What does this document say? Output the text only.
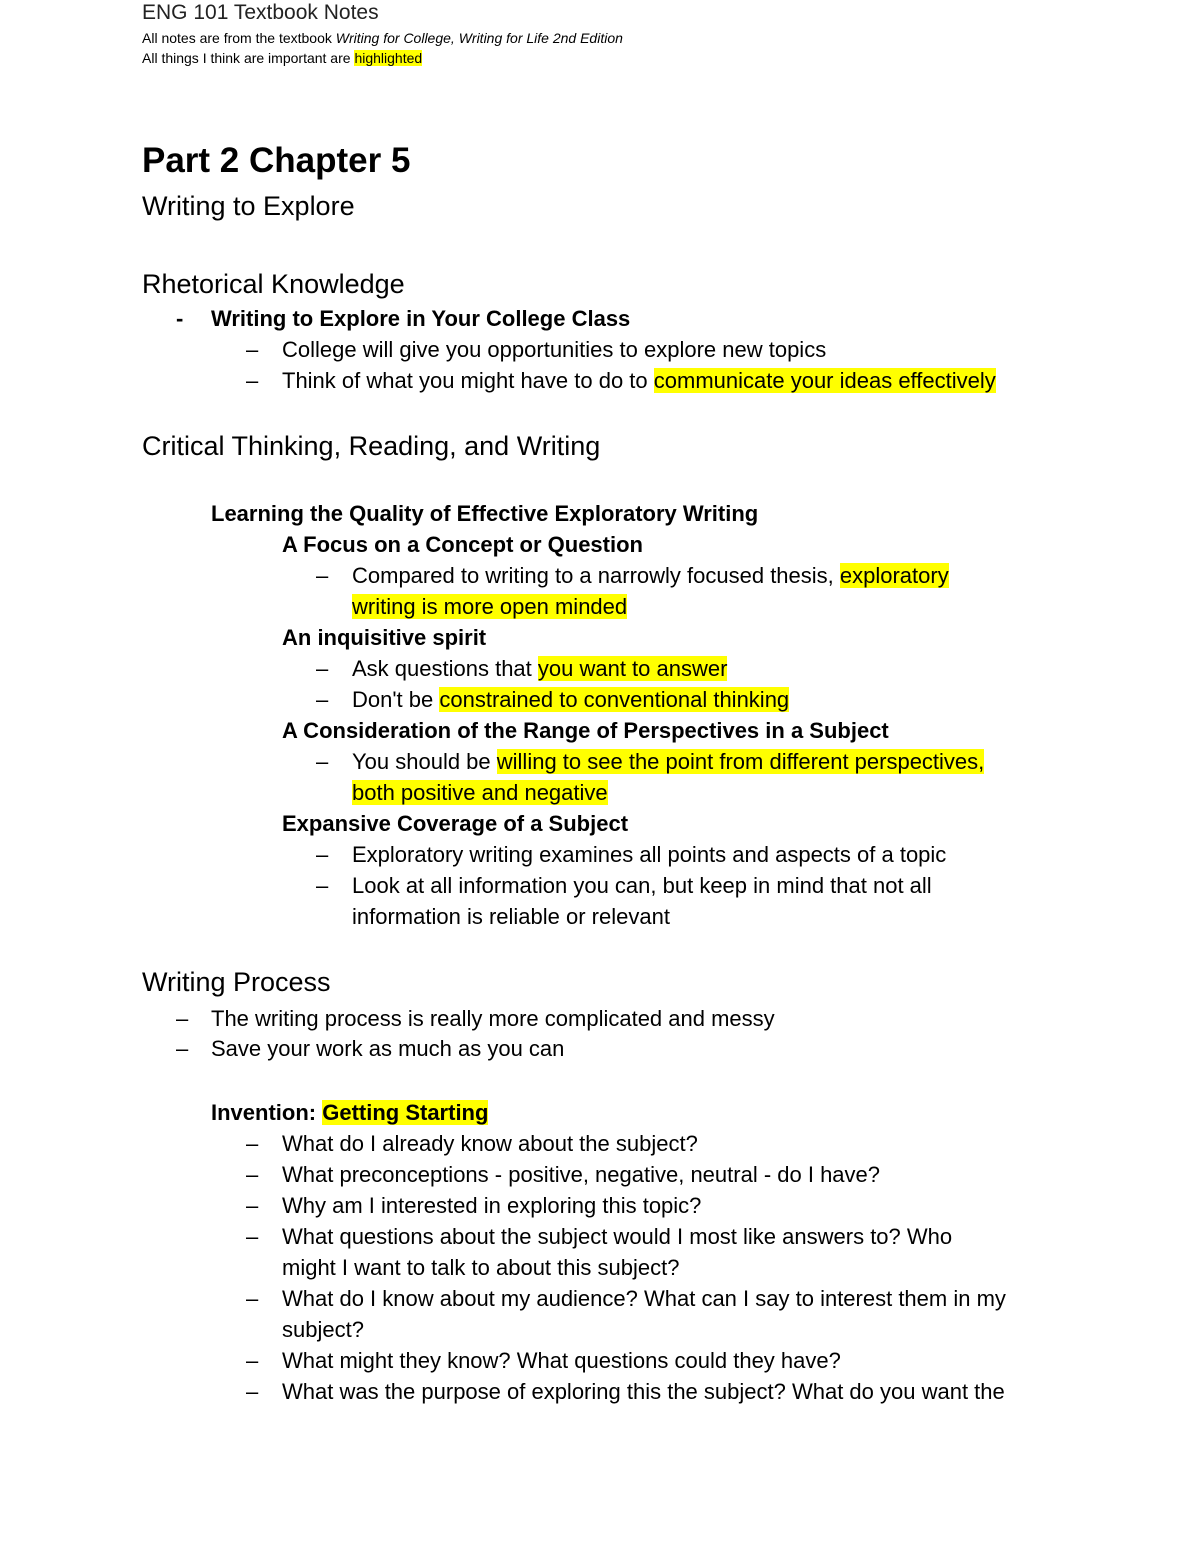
ENG 101 Textbook Notes
All notes are from the textbook Writing for College, Writing for Life 2nd Edition
All things I think are important are highlighted
Part 2 Chapter 5
Writing to Explore
Rhetorical Knowledge
- Writing to Explore in Your College Class
– College will give you opportunities to explore new topics
– Think of what you might have to do to communicate your ideas effectively
Critical Thinking, Reading, and Writing
Learning the Quality of Effective Exploratory Writing
A Focus on a Concept or Question
– Compared to writing to a narrowly focused thesis, exploratory
writing is more open minded
An inquisitive spirit
– Ask questions that you want to answer
– Don't be constrained to conventional thinking
A Consideration of the Range of Perspectives in a Subject
– You should be willing to see the point from different perspectives,
both positive and negative
Expansive Coverage of a Subject
– Exploratory writing examines all points and aspects of a topic
– Look at all information you can, but keep in mind that not all
information is reliable or relevant
Writing Process
– The writing process is really more complicated and messy
– Save your work as much as you can
Invention: Getting Starting
– What do I already know about the subject?
– What preconceptions - positive, negative, neutral - do I have?
– Why am I interested in exploring this topic?
– What questions about the subject would I most like answers to? Who
might I want to talk to about this subject?
– What do I know about my audience? What can I say to interest them in my
subject?
– What might they know? What questions could they have?
– What was the purpose of exploring this the subject? What do you want the
